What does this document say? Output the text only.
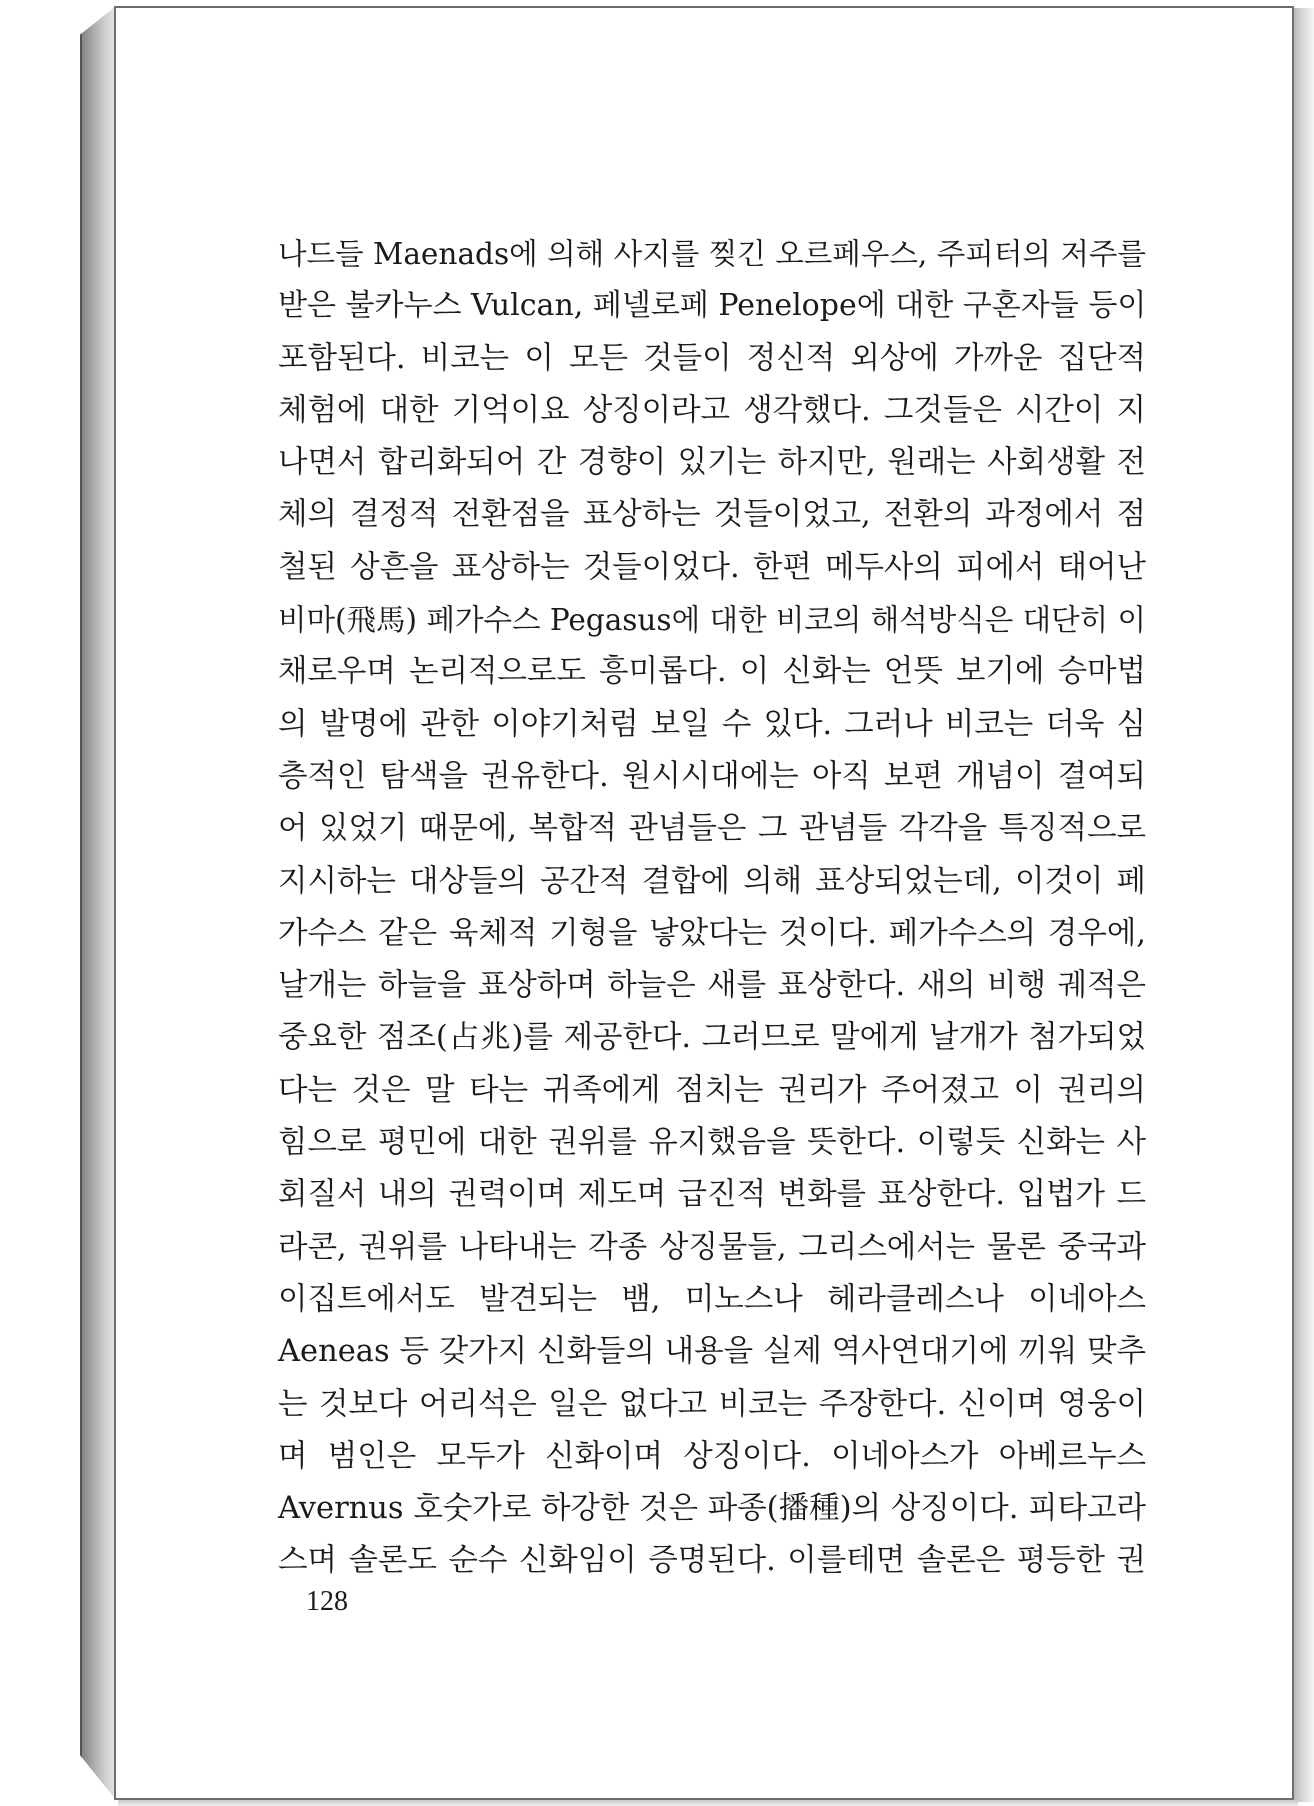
나드들 Maenads에 의해 사지를 찢긴 오르페우스, 주피터의 저주를
받은 불카누스 Vulcan, 페넬로페 Penelope에 대한 구혼자들 등이
포함된다. 비코는 이 모든 것들이 정신적 외상에 가까운 집단적
체험에 대한 기억이요 상징이라고 생각했다. 그것들은 시간이 지
나면서 합리화되어 간 경향이 있기는 하지만, 원래는 사회생활 전
체의 결정적 전환점을 표상하는 것들이었고, 전환의 과정에서 점
철된 상흔을 표상하는 것들이었다. 한편 메두사의 피에서 태어난
비마(飛馬) 페가수스 Pegasus에 대한 비코의 해석방식은 대단히 이
채로우며 논리적으로도 흥미롭다. 이 신화는 언뜻 보기에 승마법
의 발명에 관한 이야기처럼 보일 수 있다. 그러나 비코는 더욱 심
층적인 탐색을 권유한다. 원시시대에는 아직 보편 개념이 결여되
어 있었기 때문에, 복합적 관념들은 그 관념들 각각을 특징적으로
지시하는 대상들의 공간적 결합에 의해 표상되었는데, 이것이 페
가수스 같은 육체적 기형을 낳았다는 것이다. 페가수스의 경우에,
날개는 하늘을 표상하며 하늘은 새를 표상한다. 새의 비행 궤적은
중요한 점조(占兆)를 제공한다. 그러므로 말에게 날개가 첨가되었
다는 것은 말 타는 귀족에게 점치는 권리가 주어졌고 이 권리의
힘으로 평민에 대한 권위를 유지했음을 뜻한다. 이렇듯 신화는 사
회질서 내의 권력이며 제도며 급진적 변화를 표상한다. 입법가 드
라콘, 권위를 나타내는 각종 상징물들, 그리스에서는 물론 중국과
이집트에서도 발견되는 뱀, 미노스나 헤라클레스나 이네아스
Aeneas 등 갖가지 신화들의 내용을 실제 역사연대기에 끼워 맞추
는 것보다 어리석은 일은 없다고 비코는 주장한다. 신이며 영웅이
며 범인은 모두가 신화이며 상징이다. 이네아스가 아베르누스
Avernus 호숫가로 하강한 것은 파종(播種)의 상징이다. 피타고라
스며 솔론도 순수 신화임이 증명된다. 이를테면 솔론은 평등한 권
128
